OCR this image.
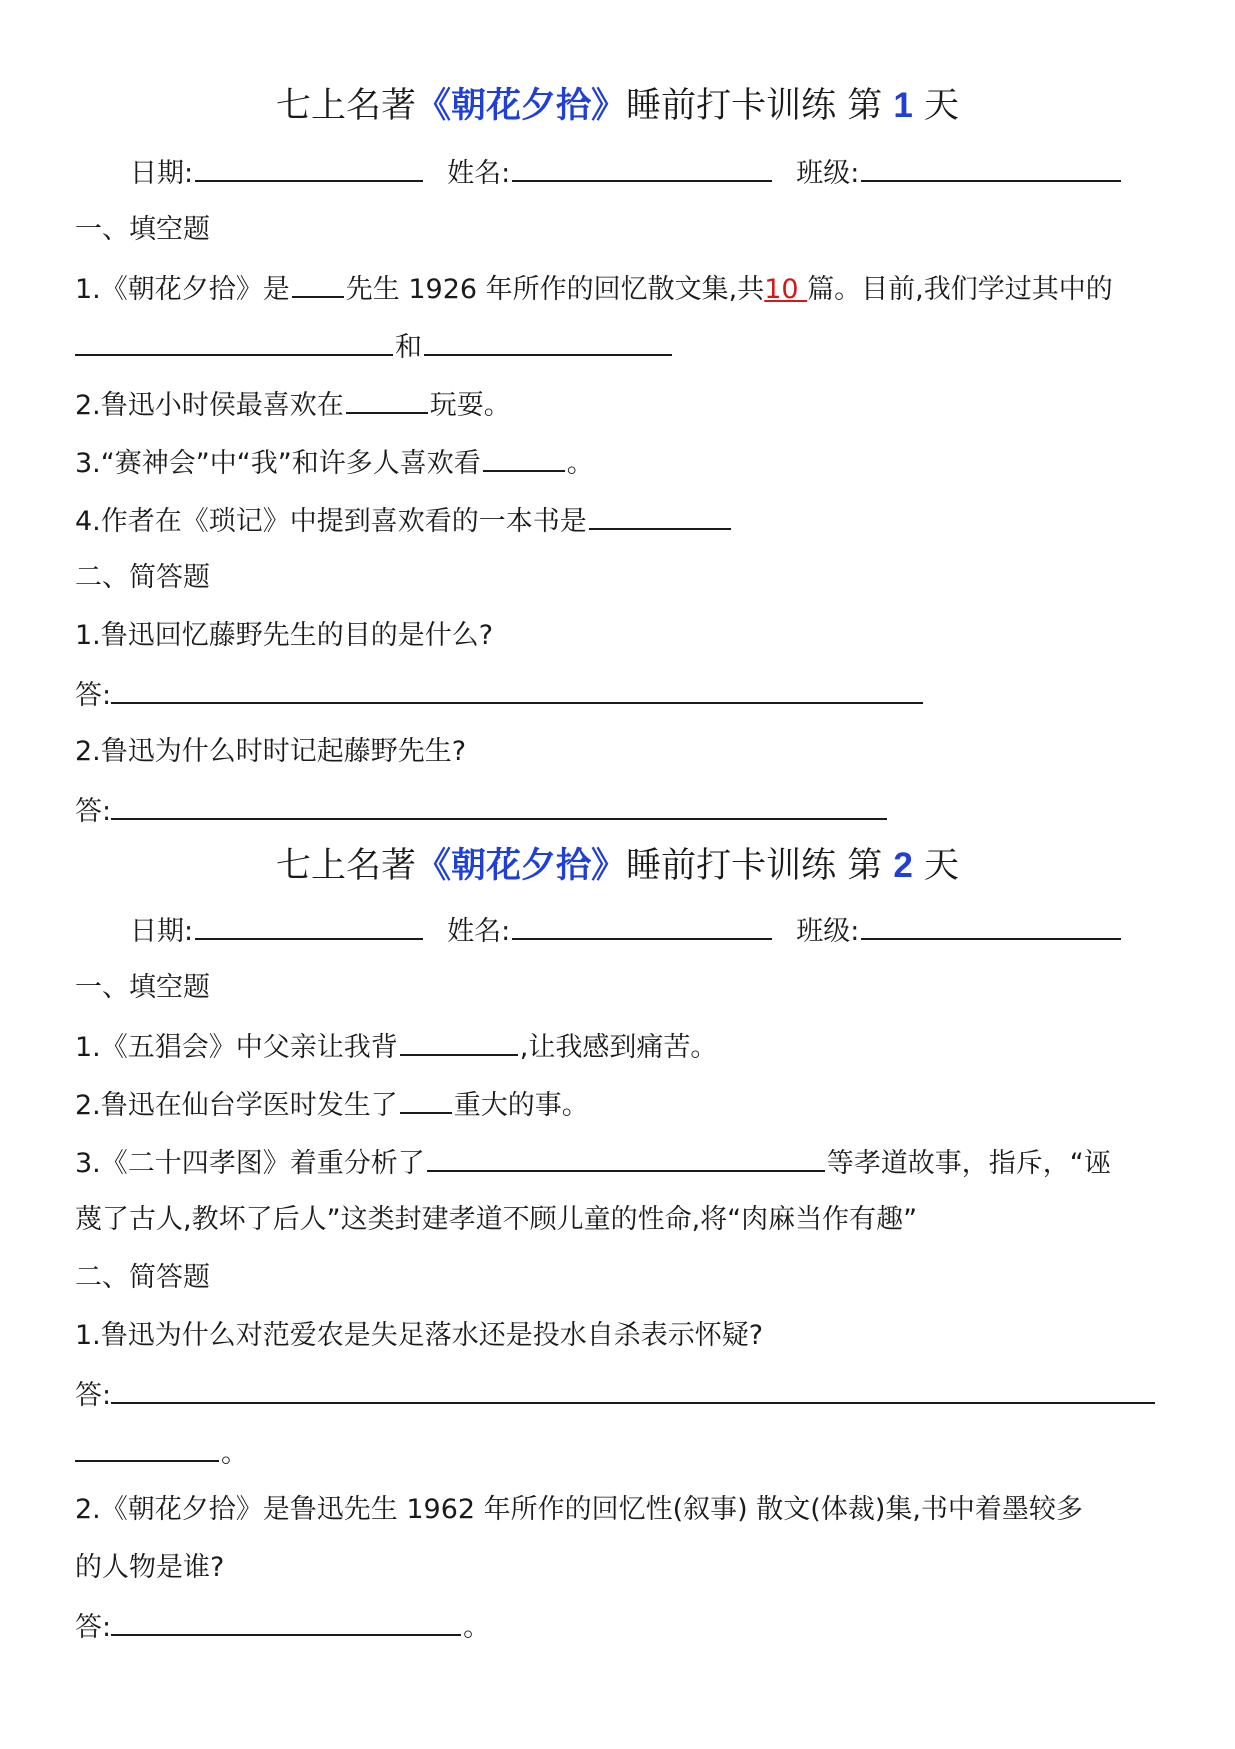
七上名著《朝花夕拾》睡前打卡训练 第 1 天
日期:	姓名:	班级:
一、填空题
1.《朝花夕拾》是 先生 1926 年所作的回忆散文集,共10 篇。目前,我们学过其中的
和
2.鲁迅小时侯最喜欢在	玩耍。
3.“赛神会”中“我”和许多人喜欢看	。
4.作者在《琐记》中提到喜欢看的一本书是
二、简答题
1.鲁迅回忆藤野先生的目的是什么?
答:
2.鲁迅为什么时时记起藤野先生?
答:
七上名著《朝花夕拾》睡前打卡训练 第 2 天
日期:	姓名:	班级:
一、填空题
1.《五猖会》中父亲让我背	,让我感到痛苦。
2.鲁迅在仙台学医时发生了 重大的事。
3.《二十四孝图》着重分析了	等孝道故事，指斥，“诬
蔑了古人,教坏了后人”这类封建孝道不顾儿童的性命,将“肉麻当作有趣”
二、简答题
1.鲁迅为什么对范爱农是失足落水还是投水自杀表示怀疑?
答:
。
2.《朝花夕拾》是鲁迅先生 1962 年所作的回忆性(叙事) 散文(体裁)集,书中着墨较多
的人物是谁?
答:	。
